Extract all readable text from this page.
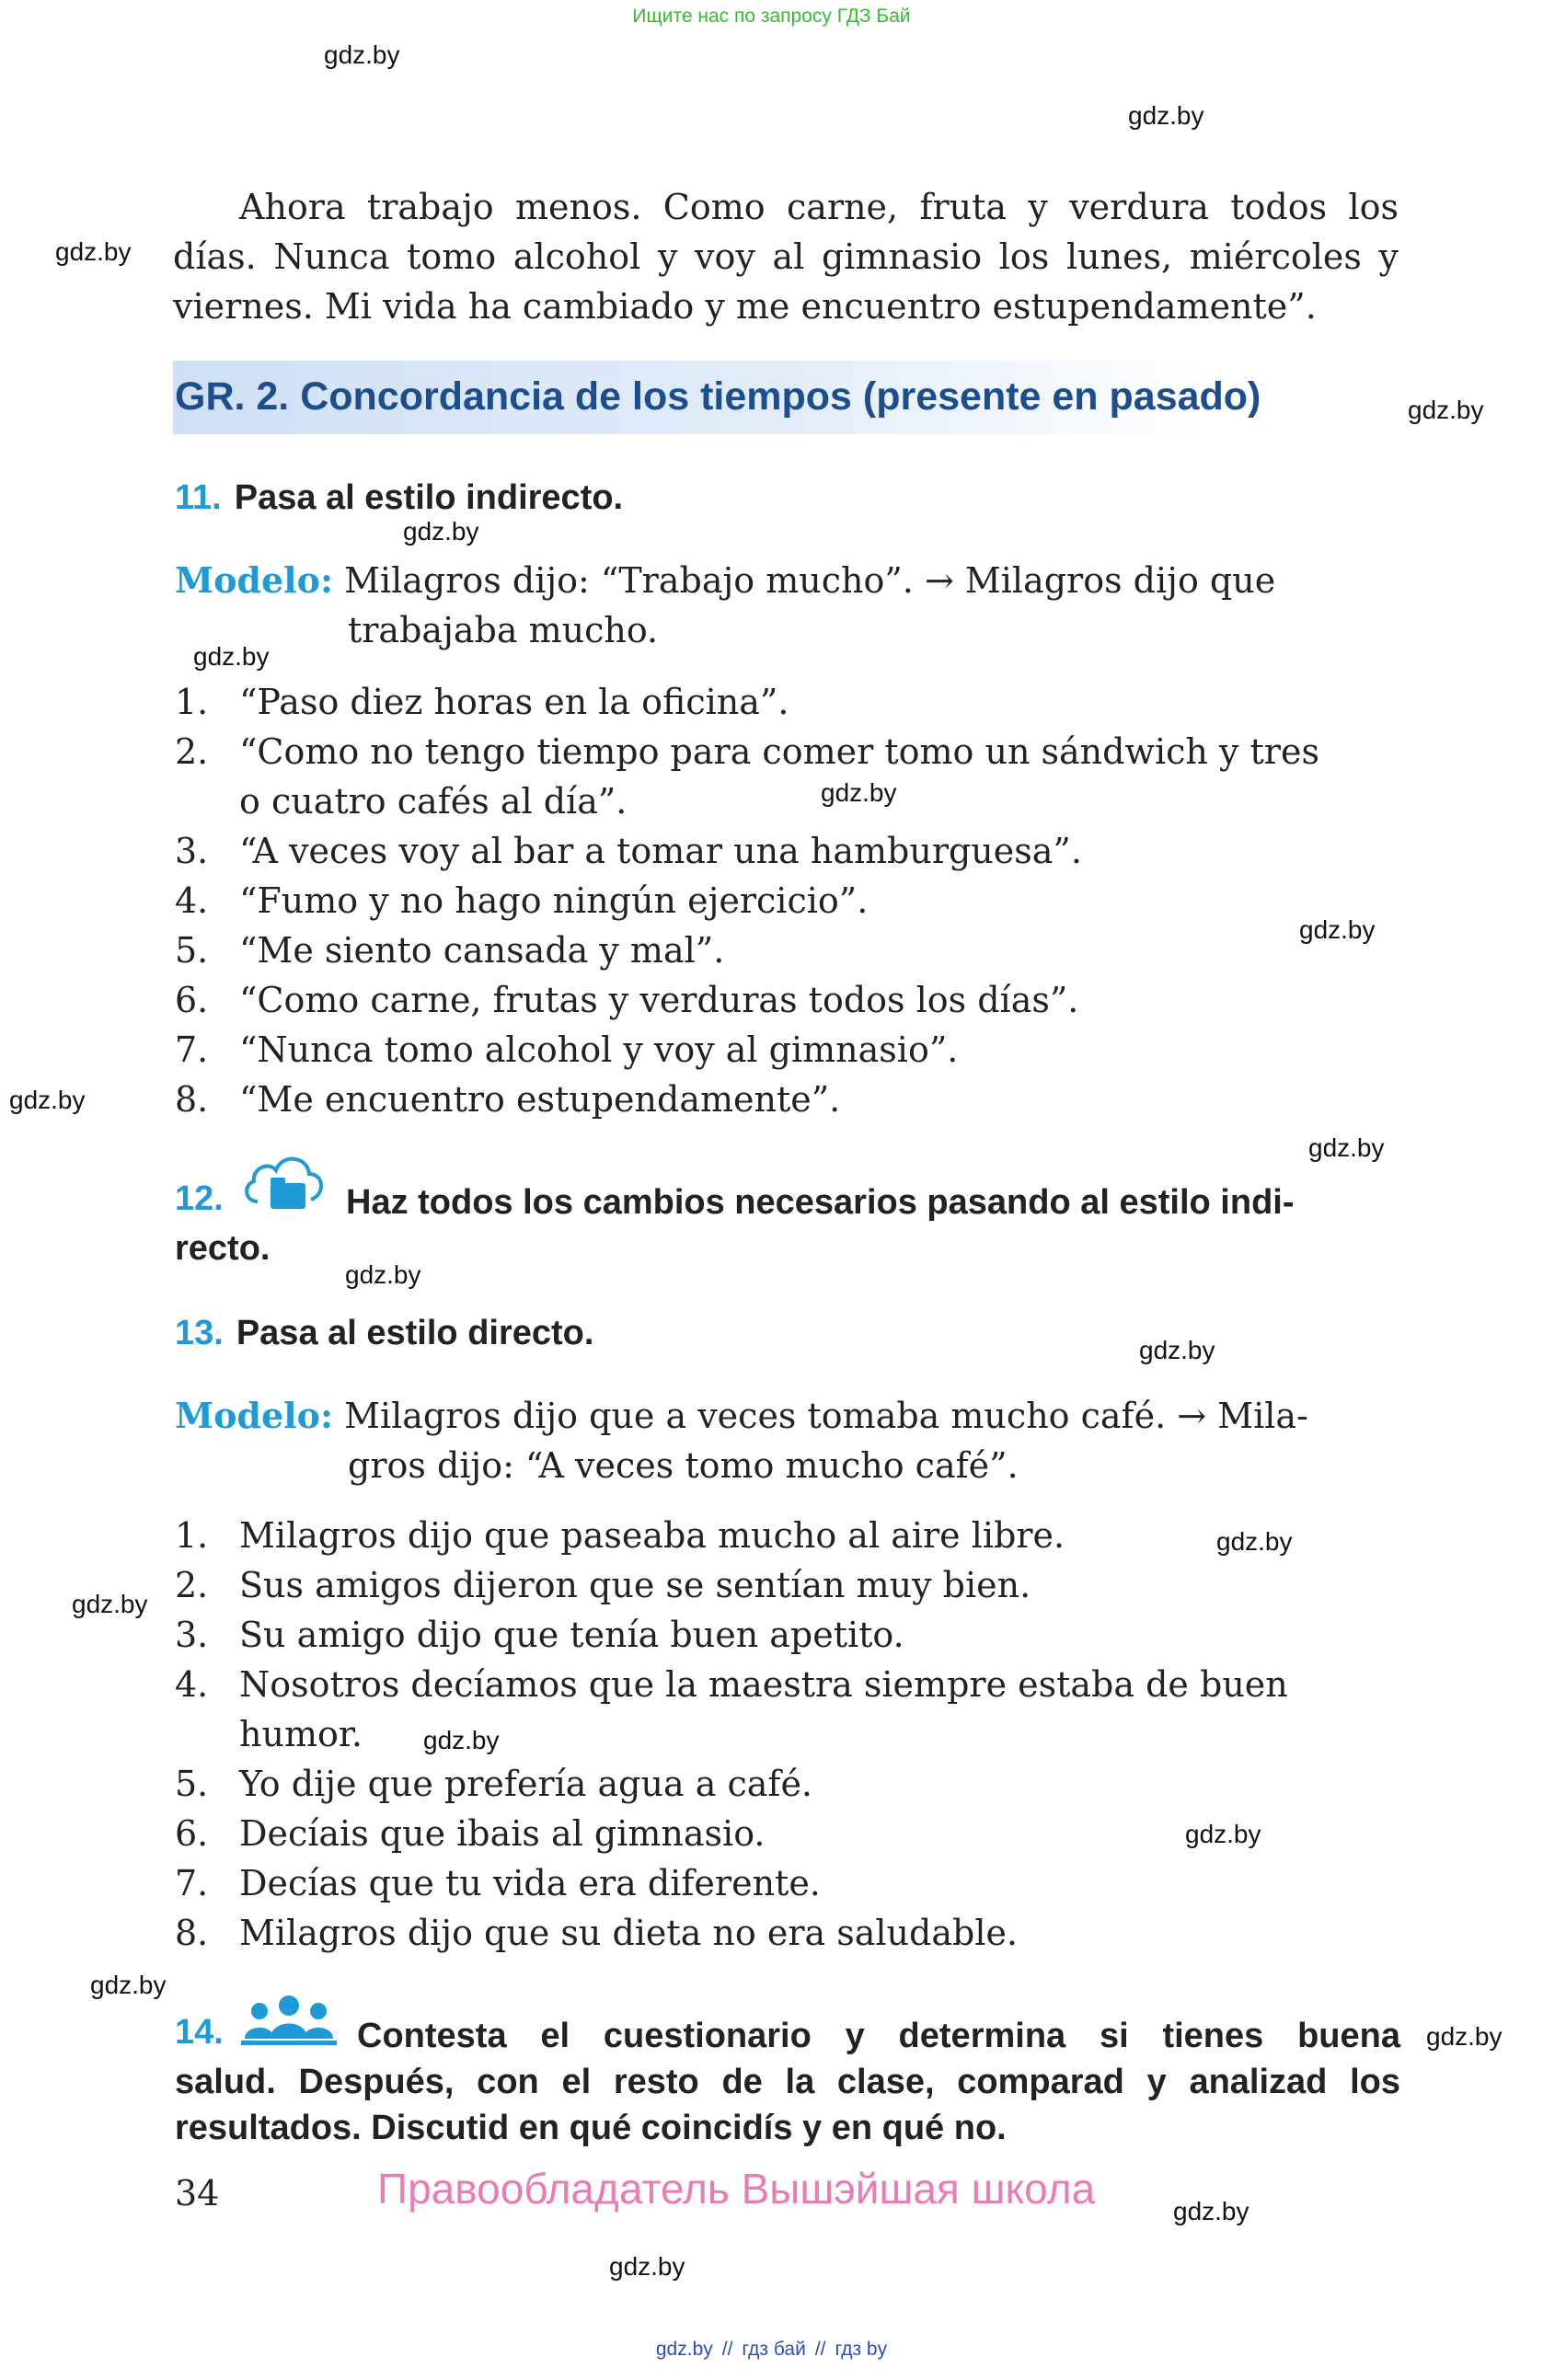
Ищите нас по запросу ГДЗ Бай
gdz.by
gdz.by
gdz.by
gdz.by
gdz.by
gdz.by
gdz.by
gdz.by
gdz.by
gdz.by
gdz.by
gdz.by
gdz.by
gdz.by
gdz.by
gdz.by
gdz.by
gdz.by
gdz.by
gdz.by
Ahora trabajo menos. Como carne, fruta y verdura todos los días. Nunca tomo alcohol y voy al gimnasio los lunes, miércoles y viernes. Mi vida ha cambiado y me encuentro estupendamente”.
GR. 2. Concordancia de los tiempos (presente en pasado)
11. Pasa al estilo indirecto.
Modelo: Milagros dijo: “Trabajo mucho”. → Milagros dijo que
trabajaba mucho.
1. “Paso diez horas en la oficina”.
2. “Como no tengo tiempo para comer tomo un sándwich y tres
o cuatro cafés al día”.
3. “A veces voy al bar a tomar una hamburguesa”.
4. “Fumo y no hago ningún ejercicio”.
5. “Me siento cansada y mal”.
6. “Como carne, frutas y verduras todos los días”.
7. “Nunca tomo alcohol y voy al gimnasio”.
8. “Me encuentro estupendamente”.
12.	Haz todos los cambios necesarios pasando al estilo indi-
recto.
13. Pasa al estilo directo.
Modelo: Milagros dijo que a veces tomaba mucho café. → Mila-
gros dijo: “A veces tomo mucho café”.
1. Milagros dijo que paseaba mucho al aire libre.
2. Sus amigos dijeron que se sentían muy bien.
3. Su amigo dijo que tenía buen apetito.
4. Nosotros decíamos que la maestra siempre estaba de buen
humor.
5. Yo dije que prefería agua a café.
6. Decíais que ibais al gimnasio.
7. Decías que tu vida era diferente.
8. Milagros dijo que su dieta no era saludable.
14.	Contesta el cuestionario y determina si tienes buena
salud. Después, con el resto de la clase, comparad y analizad los
resultados. Discutid en qué coincidís y en qué no.
34	Правообладатель Вышэйшая школа
gdz.by // гдз бай // гдз by
